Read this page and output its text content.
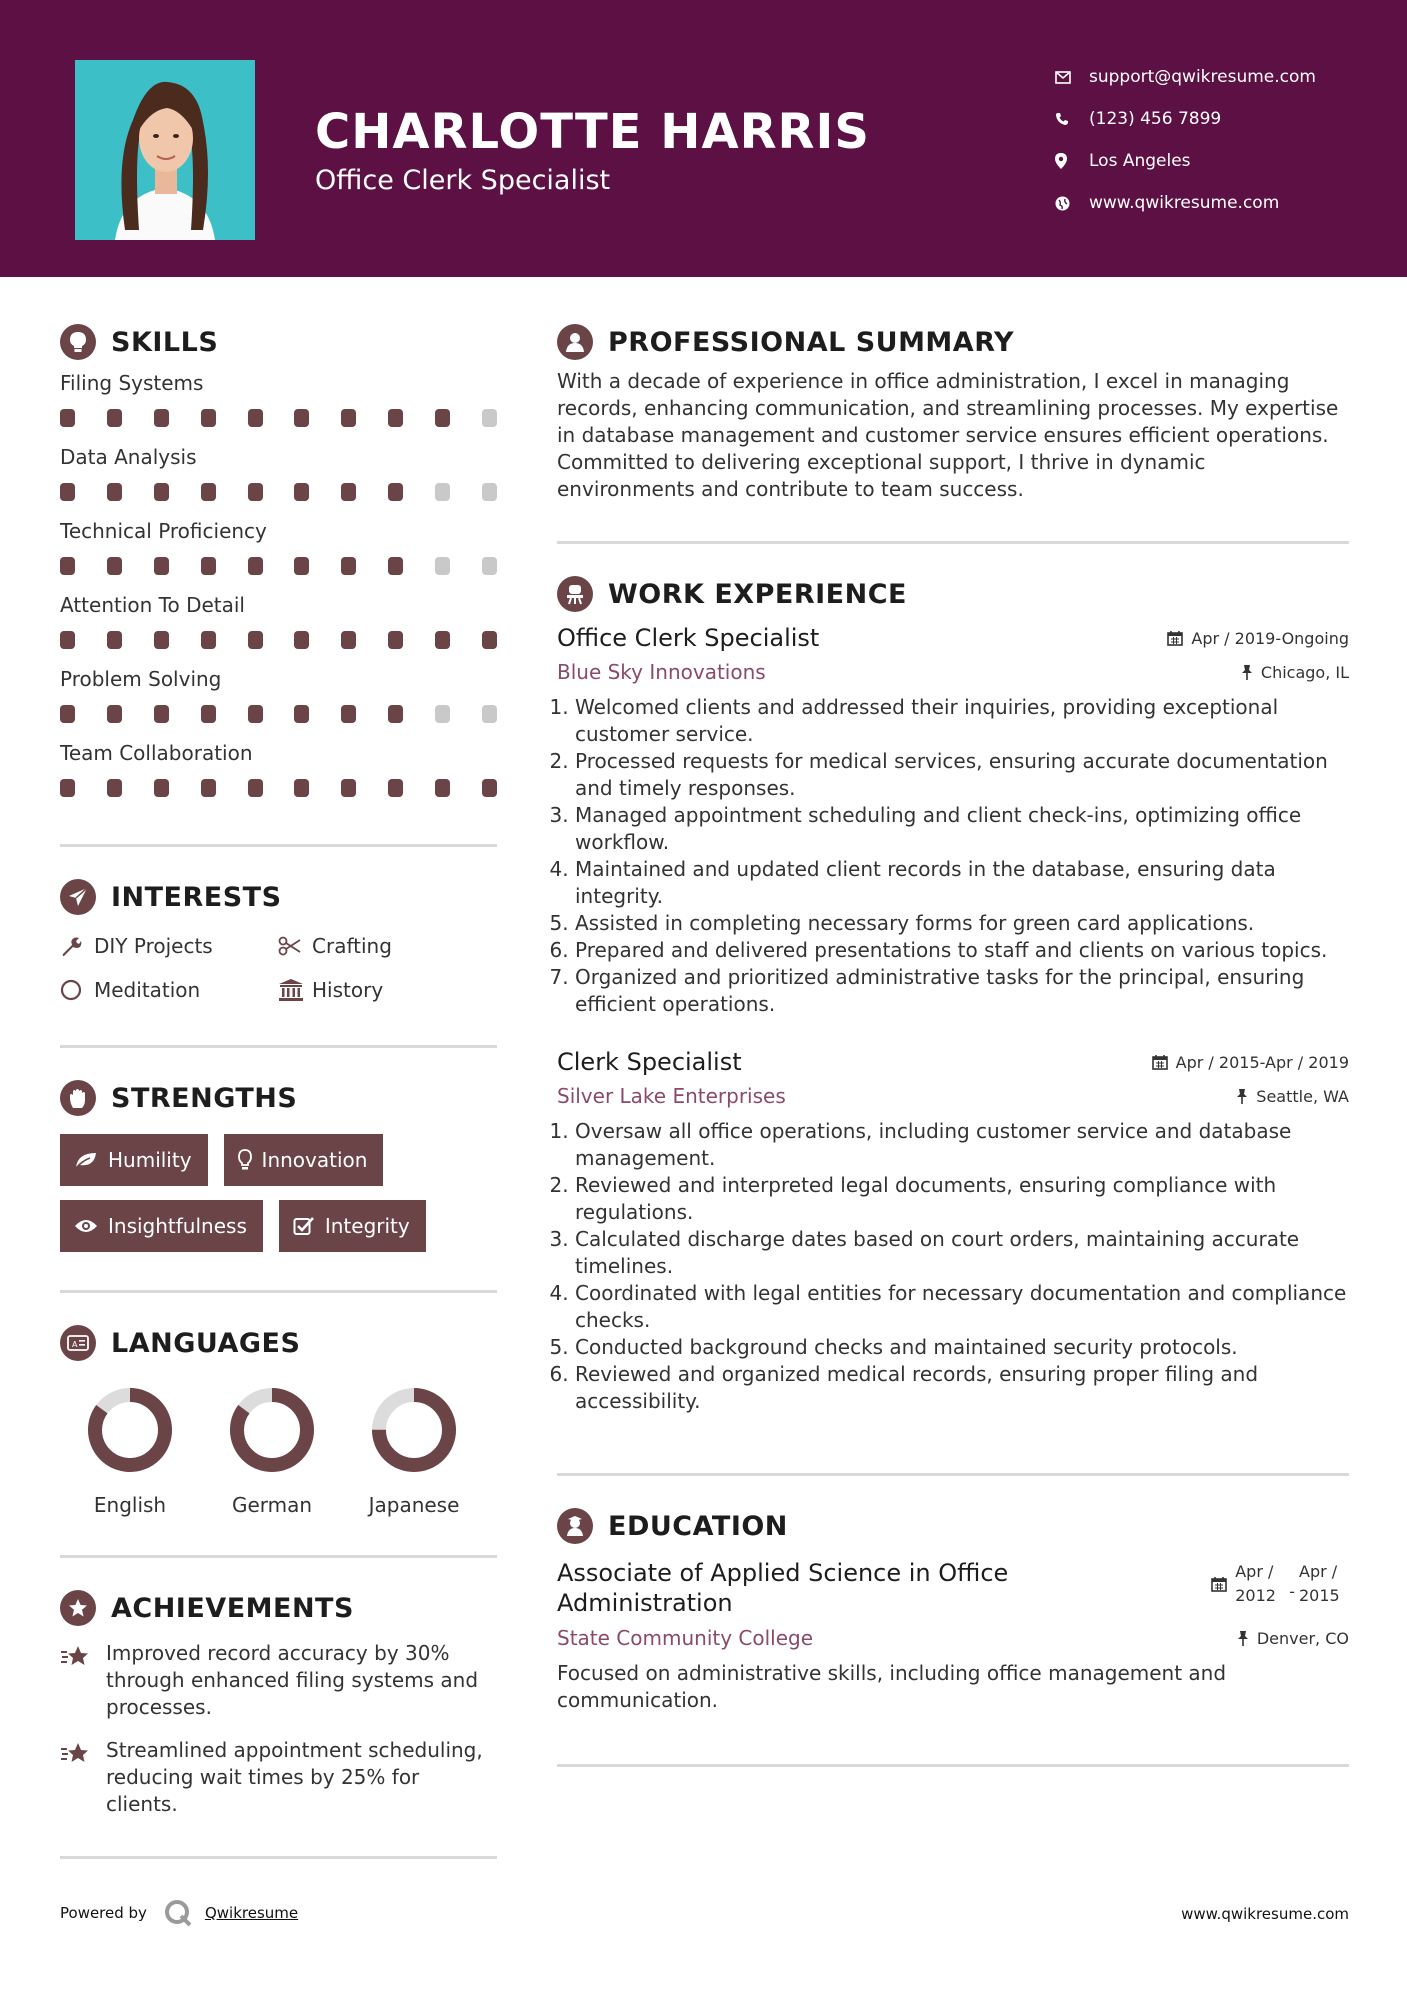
CHARLOTTE HARRIS
Office Clerk Specialist
support@qwikresume.com
(123) 456 7899
Los Angeles
www.qwikresume.com
SKILLS
Filing Systems
Data Analysis
Technical Proficiency
Attention To Detail
Problem Solving
Team Collaboration
INTERESTS
DIY Projects	Crafting
Meditation	History
STRENGTHS
Humility	Innovation
Insightfulness	Integrity
A LANGUAGES
English	German	Japanese
ACHIEVEMENTS
Improved record accuracy by 30% through enhanced filing systems and processes.
Streamlined appointment scheduling, reducing wait times by 25% for clients.
PROFESSIONAL SUMMARY

With a decade of experience in office administration, I excel in managing records, enhancing communication, and streamlining processes. My expertise in database management and customer service ensures efficient operations. Committed to delivering exceptional support, I thrive in dynamic environments and contribute to team success.

WORK EXPERIENCE
Office Clerk Specialist	Apr / 2019-Ongoing
Blue Sky Innovations	Chicago, IL
1. Welcomed clients and addressed their inquiries, providing exceptional customer service.
2. Processed requests for medical services, ensuring accurate documentation and timely responses.
3. Managed appointment scheduling and client check-ins, optimizing office workflow.
4. Maintained and updated client records in the database, ensuring data integrity.
5. Assisted in completing necessary forms for green card applications.
6. Prepared and delivered presentations to staff and clients on various topics.
7. Organized and prioritized administrative tasks for the principal, ensuring efficient operations.
Clerk Specialist	Apr / 2015-Apr / 2019
Silver Lake Enterprises	Seattle, WA
1. Oversaw all office operations, including customer service and database management.
2. Reviewed and interpreted legal documents, ensuring compliance with regulations.
3. Calculated discharge dates based on court orders, maintaining accurate timelines.
4. Coordinated with legal entities for necessary documentation and compliance checks.
5. Conducted background checks and maintained security protocols.
6. Reviewed and organized medical records, ensuring proper filing and accessibility.
EDUCATION
Associate of Applied Science in Office Administration
Apr / 2012 -
Apr / 2015
State Community College	Denver, CO

Focused on administrative skills, including office management and communication.

Powered by	Qwikresume	www.qwikresume.com
